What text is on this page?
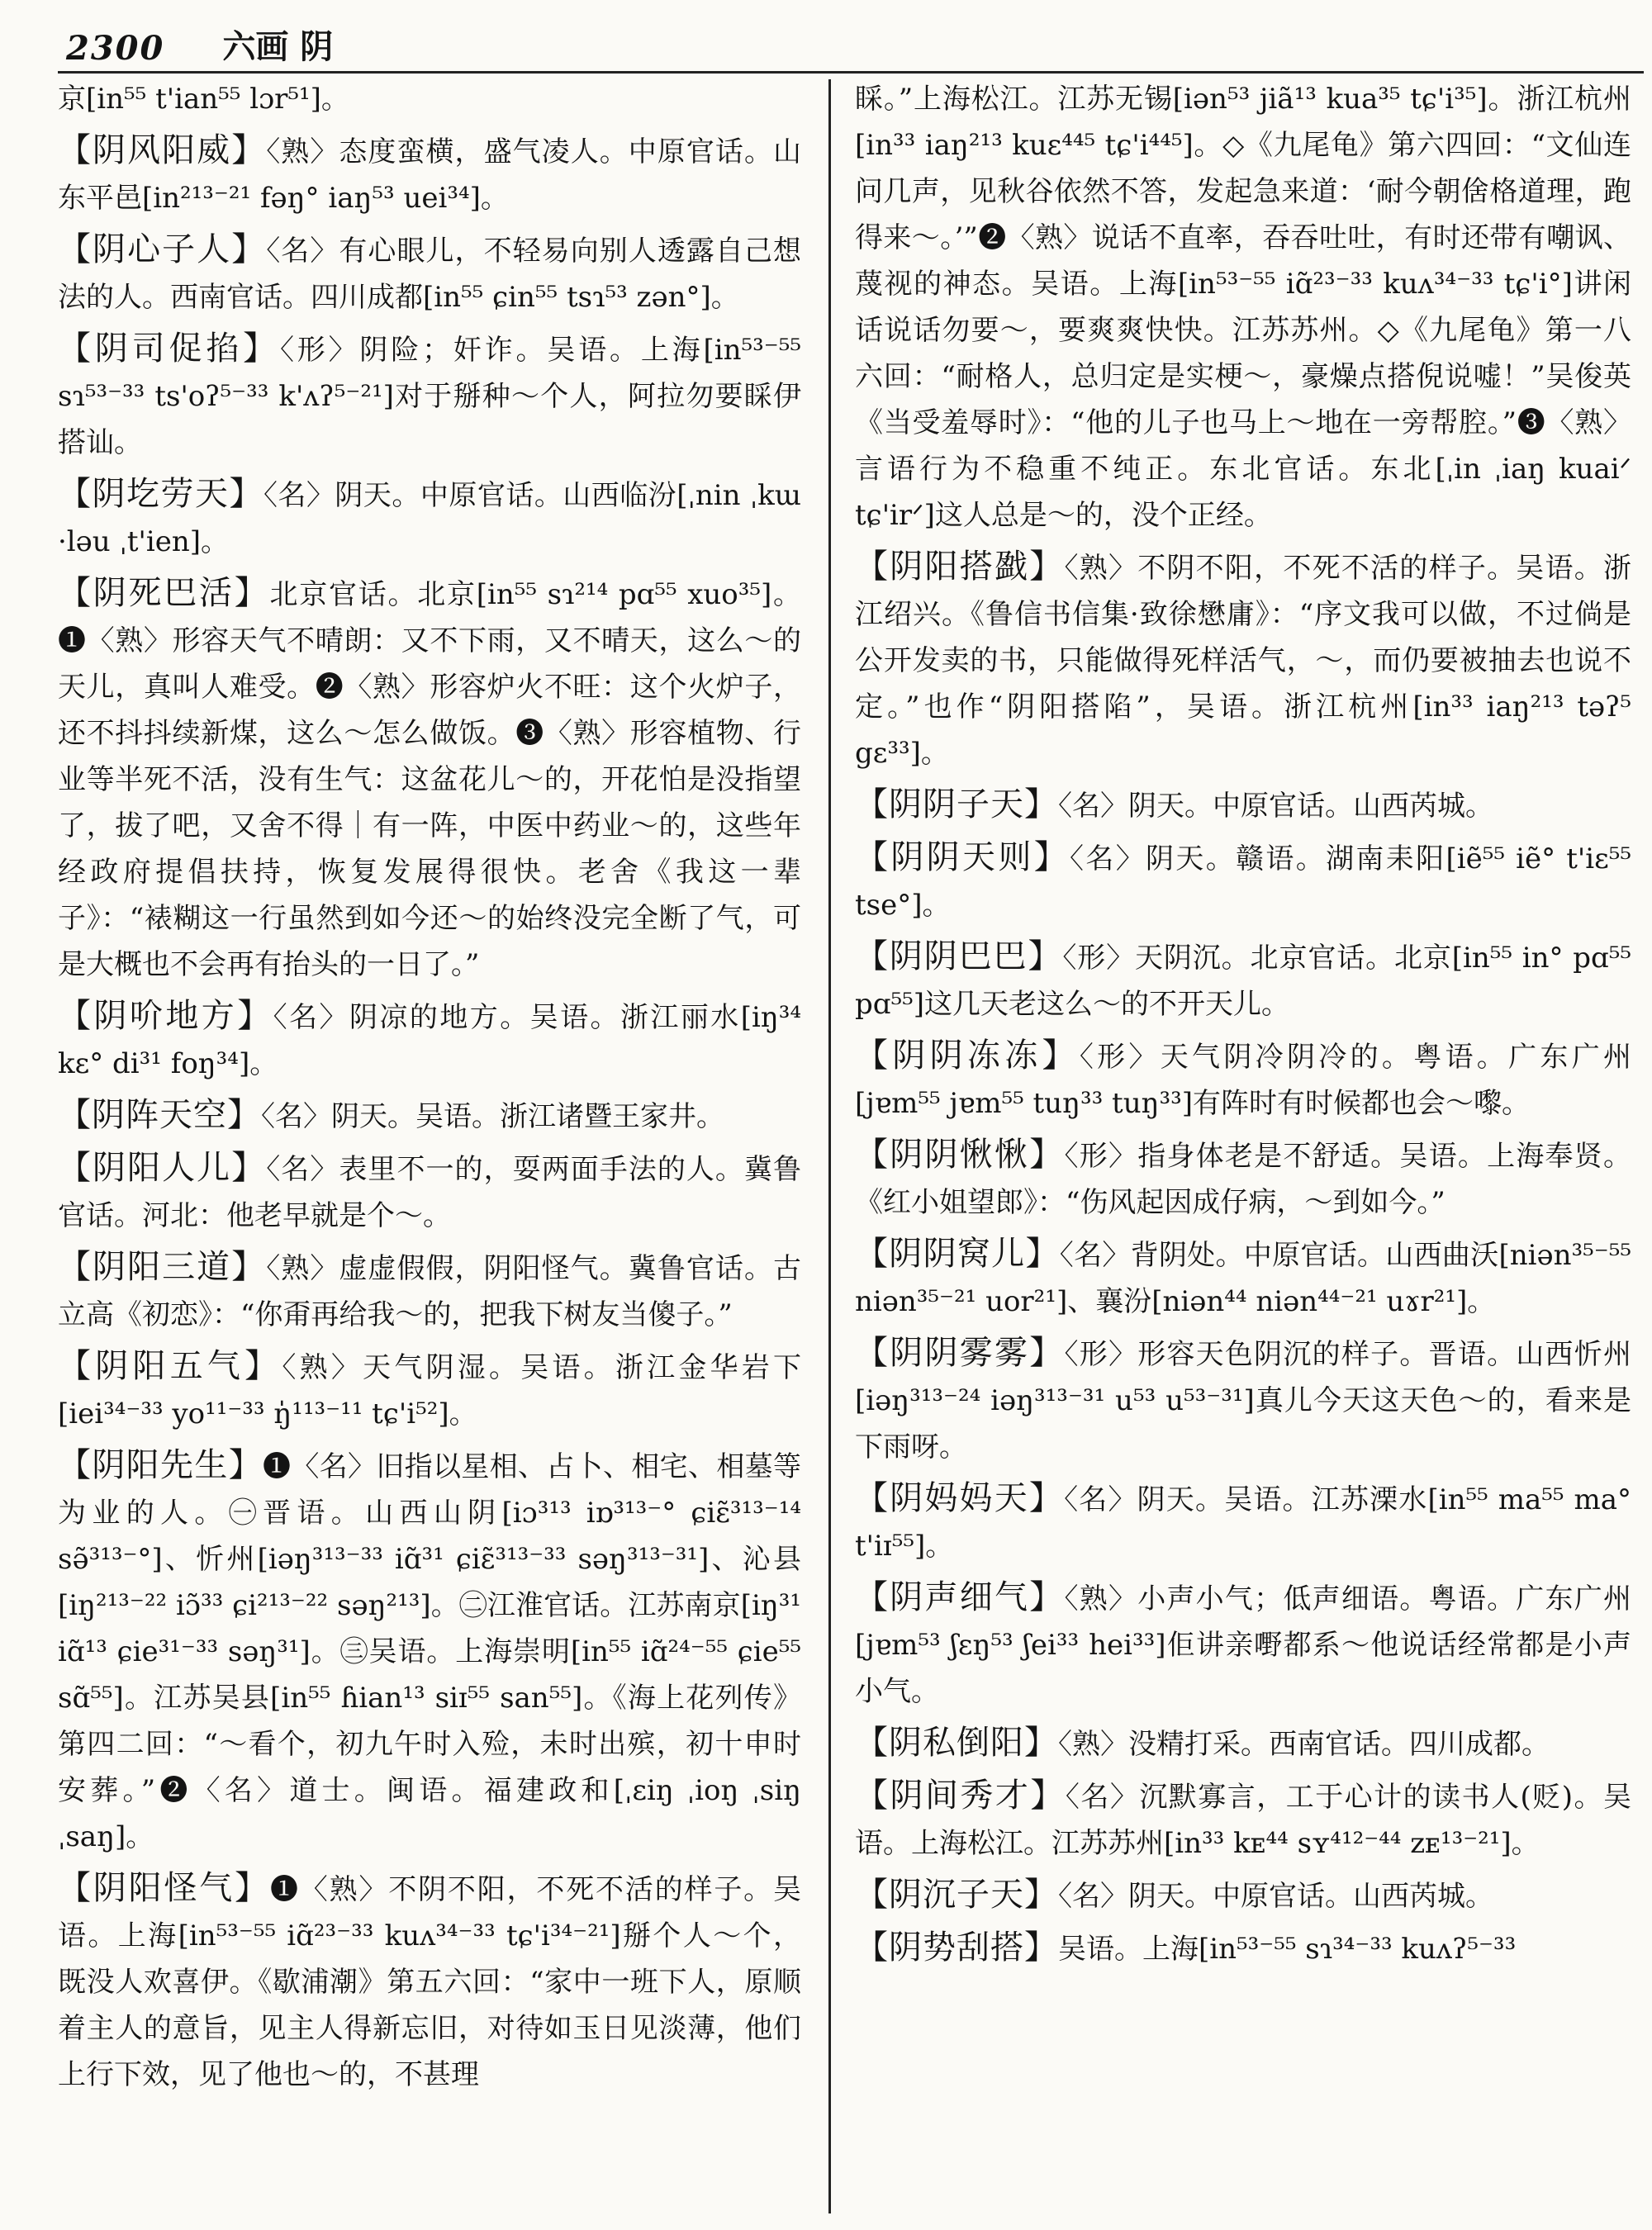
2300 六画 阴

京[in⁵⁵ t'ian⁵⁵ lɔr⁵¹]。

【 阴风阳威 】 〈熟〉态度蛮横，盛气凌人。中原官话。山东平邑[in²¹³⁻²¹ fəŋ° iaŋ⁵³ uei³⁴]。

【 阴心子人 】 〈名〉有心眼儿，不轻易向别人透露自己想法的人。西南官话。四川成都[in⁵⁵ ɕin⁵⁵ tsɿ⁵³ zən°]。

【 阴司促掐 】 〈形〉阴险；奸诈。吴语。上海[in⁵³⁻⁵⁵ sɿ⁵³⁻³³ ts'oʔ⁵⁻³³ k'ʌʔ⁵⁻²¹]对于掰种～个人，阿拉勿要睬伊搭讪。

【 阴圪劳天 】 〈名〉阴天。中原官话。山西临汾[ˌnin ˌkɯ ·ləu ˌt'ien]。

【 阴死巴活 】 北京官话。北京[in⁵⁵ sɿ²¹⁴ pɑ⁵⁵ xuo³⁵]。❶〈熟〉形容天气不晴朗：又不下雨，又不晴天，这么～的天儿，真叫人难受。❷〈熟〉形容炉火不旺：这个火炉子，还不抖抖续新煤，这么～怎么做饭。❸〈熟〉形容植物、行业等半死不活，没有生气：这盆花儿～的，开花怕是没指望了，拔了吧，又舍不得｜有一阵，中医中药业～的，这些年经政府提倡扶持，恢复发展得很快。老舍《我这一辈子》：“裱糊这一行虽然到如今还～的始终没完全断了气，可是大概也不会再有抬头的一日了。”

【 阴吤地方 】 〈名〉阴凉的地方。吴语。浙江丽水[iŋ³⁴ kɛ° di³¹ foŋ³⁴]。

【 阴阵天空 】 〈名〉阴天。吴语。浙江诸暨王家井。

【 阴阳人儿 】 〈名〉表里不一的，耍两面手法的人。冀鲁官话。河北：他老早就是个～。

【 阴阳三道 】 〈熟〉虚虚假假，阴阳怪气。冀鲁官话。古立高《初恋》：“你甭再给我～的，把我下树友当傻子。”

【 阴阳五气 】 〈熟〉天气阴湿。吴语。浙江金华岩下[iei³⁴⁻³³ yo¹¹⁻³³ ŋ̍¹¹³⁻¹¹ tɕ'i⁵²]。

【 阴阳先生 】 ❶〈名〉旧指以星相、占卜、相宅、相墓等为业的人。㊀晋语。山西山阴[iɔ³¹³ iɒ³¹³⁻° ɕiɛ̃³¹³⁻¹⁴ sə̃³¹³⁻°]、忻州[iəŋ³¹³⁻³³ iɑ̃³¹ ɕiɛ̃³¹³⁻³³ səŋ³¹³⁻³¹]、沁县[iŋ²¹³⁻²² iɔ̃³³ ɕi²¹³⁻²² səŋ²¹³]。㊁江淮官话。江苏南京[iŋ³¹ iɑ̃¹³ ɕie³¹⁻³³ səŋ³¹]。㊂吴语。上海崇明[in⁵⁵ iɑ̃²⁴⁻⁵⁵ ɕie⁵⁵ sɑ̃⁵⁵]。江苏吴县[in⁵⁵ ɦian¹³ siɪ⁵⁵ san⁵⁵]。《海上花列传》第四二回：“～看个，初九午时入殓，未时出殡，初十申时安葬。”❷〈名〉道士。闽语。福建政和[ˌɛiŋ ˌioŋ ˌsiŋ ˌsaŋ]。

【 阴阳怪气 】 ❶〈熟〉不阴不阳，不死不活的样子。吴语。上海[in⁵³⁻⁵⁵ iɑ̃²³⁻³³ kuʌ³⁴⁻³³ tɕ'i³⁴⁻²¹]掰个人～个，既没人欢喜伊。《歇浦潮》第五六回：“家中一班下人，原顺着主人的意旨，见主人得新忘旧，对待如玉日见淡薄，他们上行下效，见了他也～的，不甚理

睬。”上海松江。江苏无锡[iən⁵³ jiã¹³ kua³⁵ tɕ'i³⁵]。浙江杭州[in³³ iaŋ²¹³ kuɛ⁴⁴⁵ tɕ'i⁴⁴⁵]。◇《九尾龟》第六四回：“文仙连问几声，见秋谷依然不答，发起急来道：‘耐今朝倽格道理，跑得来～。’”❷〈熟〉说话不直率，吞吞吐吐，有时还带有嘲讽、蔑视的神态。吴语。上海[in⁵³⁻⁵⁵ iɑ̃²³⁻³³ kuʌ³⁴⁻³³ tɕ'i°]讲闲话说话勿要～，要爽爽快快。江苏苏州。◇《九尾龟》第一八六回：“耐格人，总归定是实梗～，豪燥点搭倪说嘘！”吴俊英《当受羞辱时》：“他的儿子也马上～地在一旁帮腔。”❸〈熟〉言语行为不稳重不纯正。东北官话。东北[ˌin ˌiaŋ kuaiᐟ tɕ'irᐟ]这人总是～的，没个正经。

【 阴阳搭戤 】 〈熟〉不阴不阳，不死不活的样子。吴语。浙江绍兴。《鲁信书信集·致徐懋庸》：“序文我可以做，不过倘是公开发卖的书，只能做得死样活气，～，而仍要被抽去也说不定。”也作“阴阳搭陷”，吴语。浙江杭州[in³³ iaŋ²¹³ təʔ⁵ gɛ³³]。

【 阴阴子天 】 〈名〉阴天。中原官话。山西芮城。

【 阴阴天则 】 〈名〉阴天。赣语。湖南耒阳[iẽ⁵⁵ iẽ° t'iɛ⁵⁵ tse°]。

【 阴阴巴巴 】 〈形〉天阴沉。北京官话。北京[in⁵⁵ in° pɑ⁵⁵ pɑ⁵⁵]这几天老这么～的不开天儿。

【 阴阴冻冻 】 〈形〉天气阴冷阴冷的。粤语。广东广州[jɐm⁵⁵ jɐm⁵⁵ tuŋ³³ tuŋ³³]有阵时有时候都也会～嚟。

【 阴阴愀愀 】 〈形〉指身体老是不舒适。吴语。上海奉贤。《红小姐望郎》：“伤风起因成仔病，～到如今。”

【 阴阴窝儿 】 〈名〉背阴处。中原官话。山西曲沃[niən³⁵⁻⁵⁵ niən³⁵⁻²¹ uor²¹]、襄汾[niən⁴⁴ niən⁴⁴⁻²¹ uɤr²¹]。

【 阴阴雾雾 】 〈形〉形容天色阴沉的样子。晋语。山西忻州[iəŋ³¹³⁻²⁴ iəŋ³¹³⁻³¹ u⁵³ u⁵³⁻³¹]真儿今天这天色～的，看来是下雨呀。

【 阴妈妈天 】 〈名〉阴天。吴语。江苏溧水[in⁵⁵ ma⁵⁵ ma° t'iɪ⁵⁵]。

【 阴声细气 】 〈熟〉小声小气；低声细语。粤语。广东广州[jɐm⁵³ ʃɛŋ⁵³ ʃei³³ hei³³]佢讲亲嘢都系～他说话经常都是小声小气。

【 阴私倒阳 】 〈熟〉没精打采。西南官话。四川成都。

【 阴间秀才 】 〈名〉沉默寡言，工于心计的读书人(贬)。吴语。上海松江。江苏苏州[in³³ kᴇ⁴⁴ sʏ⁴¹²⁻⁴⁴ zᴇ¹³⁻²¹]。

【 阴沉子天 】 〈名〉阴天。中原官话。山西芮城。

【 阴势刮搭 】 吴语。上海[in⁵³⁻⁵⁵ sɿ³⁴⁻³³ kuʌʔ⁵⁻³³
